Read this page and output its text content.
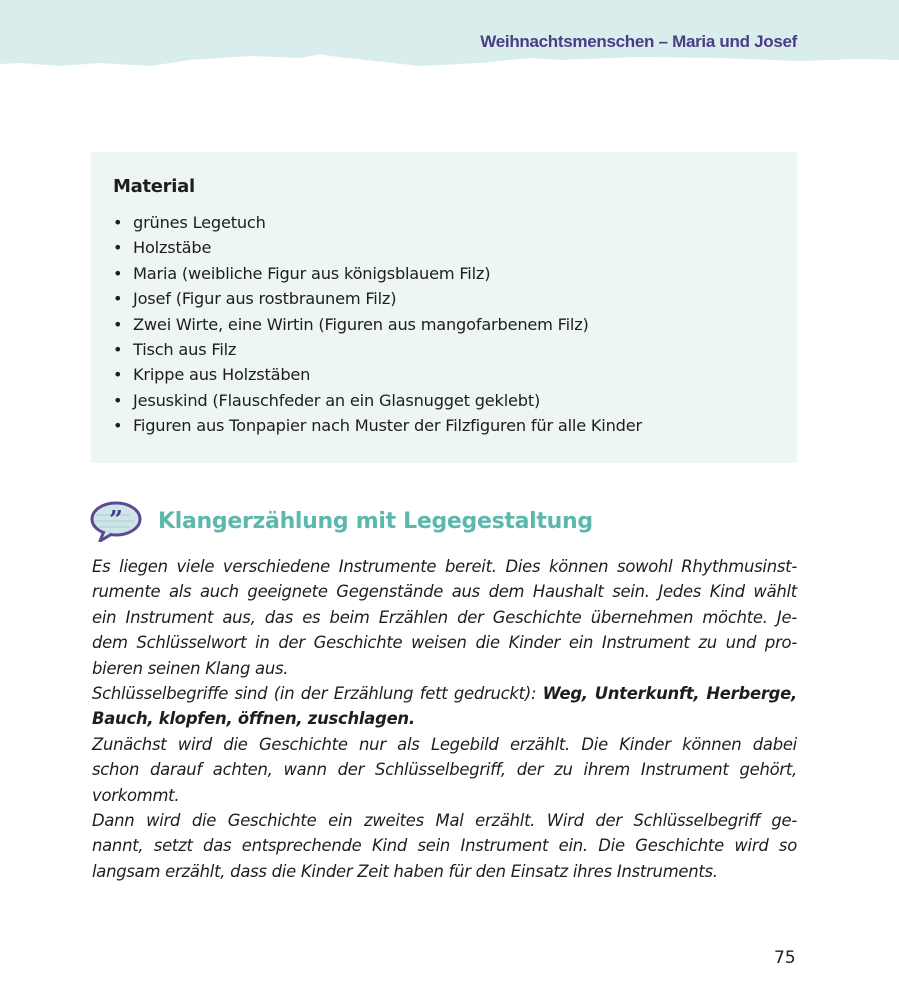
Weihnachtsmenschen – Maria und Josef
Material
• grünes Legetuch
• Holzstäbe
• Maria (weibliche Figur aus königsblauem Filz)
• Josef (Figur aus rostbraunem Filz)
• Zwei Wirte, eine Wirtin (Figuren aus mangofarbenem Filz)
• Tisch aus Filz
• Krippe aus Holzstäben
• Jesuskind (Flauschfeder an ein Glasnugget geklebt)
• Figuren aus Tonpapier nach Muster der Filzfiguren für alle Kinder
” Klangerzählung mit Legegestaltung
Es liegen viele verschiedene Instrumente bereit. Dies können sowohl Rhythmusinst-
rumente als auch geeignete Gegenstände aus dem Haushalt sein. Jedes Kind wählt
ein Instrument aus, das es beim Erzählen der Geschichte übernehmen möchte. Je-
dem Schlüsselwort in der Geschichte weisen die Kinder ein Instrument zu und pro-
bieren seinen Klang aus.
Schlüsselbegriffe sind (in der Erzählung fett gedruckt): Weg, Unterkunft, Herberge,
Bauch, klopfen, öffnen, zuschlagen.
Zunächst wird die Geschichte nur als Legebild erzählt. Die Kinder können dabei
schon darauf achten, wann der Schlüsselbegriff, der zu ihrem Instrument gehört,
vorkommt.
Dann wird die Geschichte ein zweites Mal erzählt. Wird der Schlüsselbegriff ge-
nannt, setzt das entsprechende Kind sein Instrument ein. Die Geschichte wird so
langsam erzählt, dass die Kinder Zeit haben für den Einsatz ihres Instruments.
75
